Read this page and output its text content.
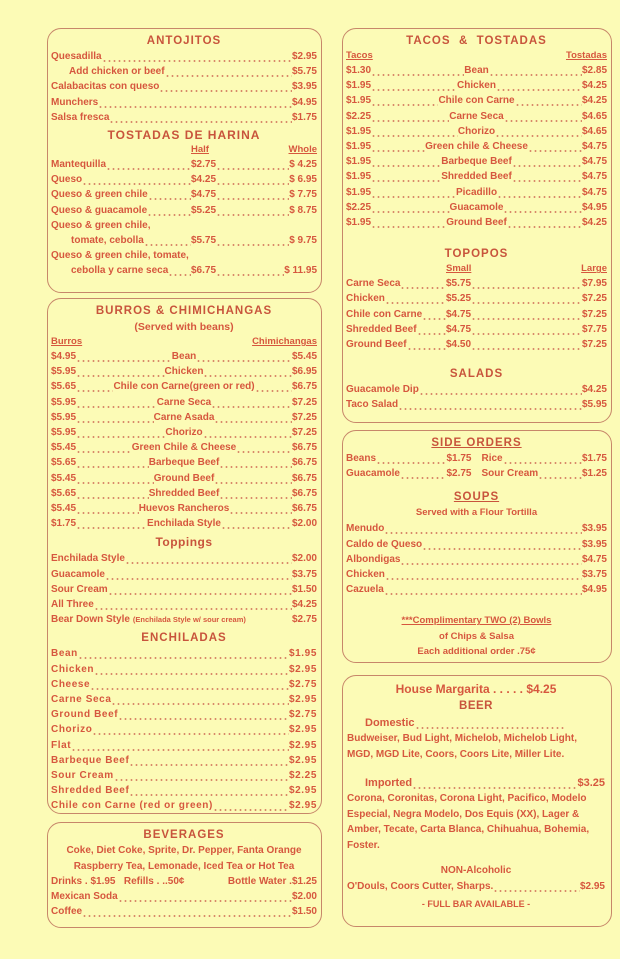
ANTOJITOS
Quesadilla	$2.95
Add chicken or beef	$5.75
Calabacitas con queso	$3.95
Munchers	$4.95
Salsa fresca	$1.75
TOSTADAS DE HARINA
Half	Whole
Mantequilla	$2.75	$ 4.25
Queso	$4.25	$ 6.95
Queso & green chile	$4.75	$ 7.75
Queso & guacamole	$5.25	$ 8.75
Queso & green chile,
tomate, cebolla	$5.75	$ 9.75
Queso & green chile, tomate,
cebolla y carne seca $6.75	$ 11.95
BURROS & CHIMICHANGAS
(Served with beans)
Burros	Chimichangas
$4.95	Bean	$5.45
$5.95	Chicken	$6.95
$5.65	Chile con Carne(green or red)	$6.75
$5.95	Carne Seca	$7.25
$5.95	Carne Asada	$7.25
$5.95	Chorizo	$7.25
$5.45	Green Chile & Cheese	$6.75
$5.65	Barbeque Beef	$6.75
$5.45	Ground Beef	$6.75
$5.65	Shredded Beef	$6.75
$5.45	Huevos Rancheros	$6.75
$1.75	Enchilada Style	$2.00
Toppings
Enchilada Style	$2.00
Guacamole	$3.75
Sour Cream	$1.50
All Three	$4.25
Bear Down Style (Enchilada Style w/ sour cream)	$2.75
ENCHILADAS
Bean	$1.95
Chicken	$2.95
Cheese	$2.75
Carne Seca	$2.95
Ground Beef	$2.75
Chorizo	$2.95
Flat	$2.95
Barbeque Beef	$2.95
Sour Cream	$2.25
Shredded Beef	$2.95
Chile con Carne (red or green)	$2.95
BEVERAGES
Coke, Diet Coke, Sprite, Dr. Pepper, Fanta Orange
Raspberry Tea, Lemonade, Iced Tea or Hot Tea
Drinks . $1.95
Refills . . .50¢	Bottle Water . $1.25
Mexican Soda	$2.00
Coffee	$1.50
TACOS  &  TOSTADAS
Tacos	Tostadas
$1.30	Bean	$2.85
$1.95	Chicken	$4.25
$1.95	Chile con Carne	$4.25
$2.25	Carne Seca	$4.65
$1.95	Chorizo	$4.65
$1.95	Green chile & Cheese	$4.75
$1.95	Barbeque Beef	$4.75
$1.95	Shredded Beef	$4.75
$1.95	Picadillo	$4.75
$2.25	Guacamole	$4.95
$1.95	Ground Beef	$4.25
TOPOPOS
Small	Large
Carne Seca	$5.75	$7.95
Chicken	$5.25	$7.25
Chile con Carne $4.75	$7.25
Shredded Beef	$4.75	$7.75
Ground Beef	$4.50	$7.25
SALADS
Guacamole Dip	$4.25
Taco Salad	$5.95
SIDE ORDERS
Beans	$1.75 Rice	$1.75
Guacamole	$2.75 Sour Cream	$1.25
SOUPS
Served with a Flour Tortilla
Menudo	$3.95
Caldo de Queso	$3.95
Albondigas	$4.75
Chicken	$3.75
Cazuela	$4.95
***Complimentary TWO (2) Bowls
of Chips & Salsa
Each additional order .75¢
House Margarita . . . . . $4.25
BEER
Domestic
Budweiser, Bud Light, Michelob, Michelob Light, MGD, MGD Lite, Coors, Coors Lite, Miller Lite.
Imported	$3.25
Corona, Coronitas, Corona Light, Pacifico, Modelo Especial, Negra Modelo, Dos Equis (XX), Lager & Amber, Tecate, Carta Blanca, Chihuahua, Bohemia, Foster.
NON-Alcoholic
O'Douls, Coors Cutter, Sharps.	$2.95
- FULL BAR AVAILABLE -
